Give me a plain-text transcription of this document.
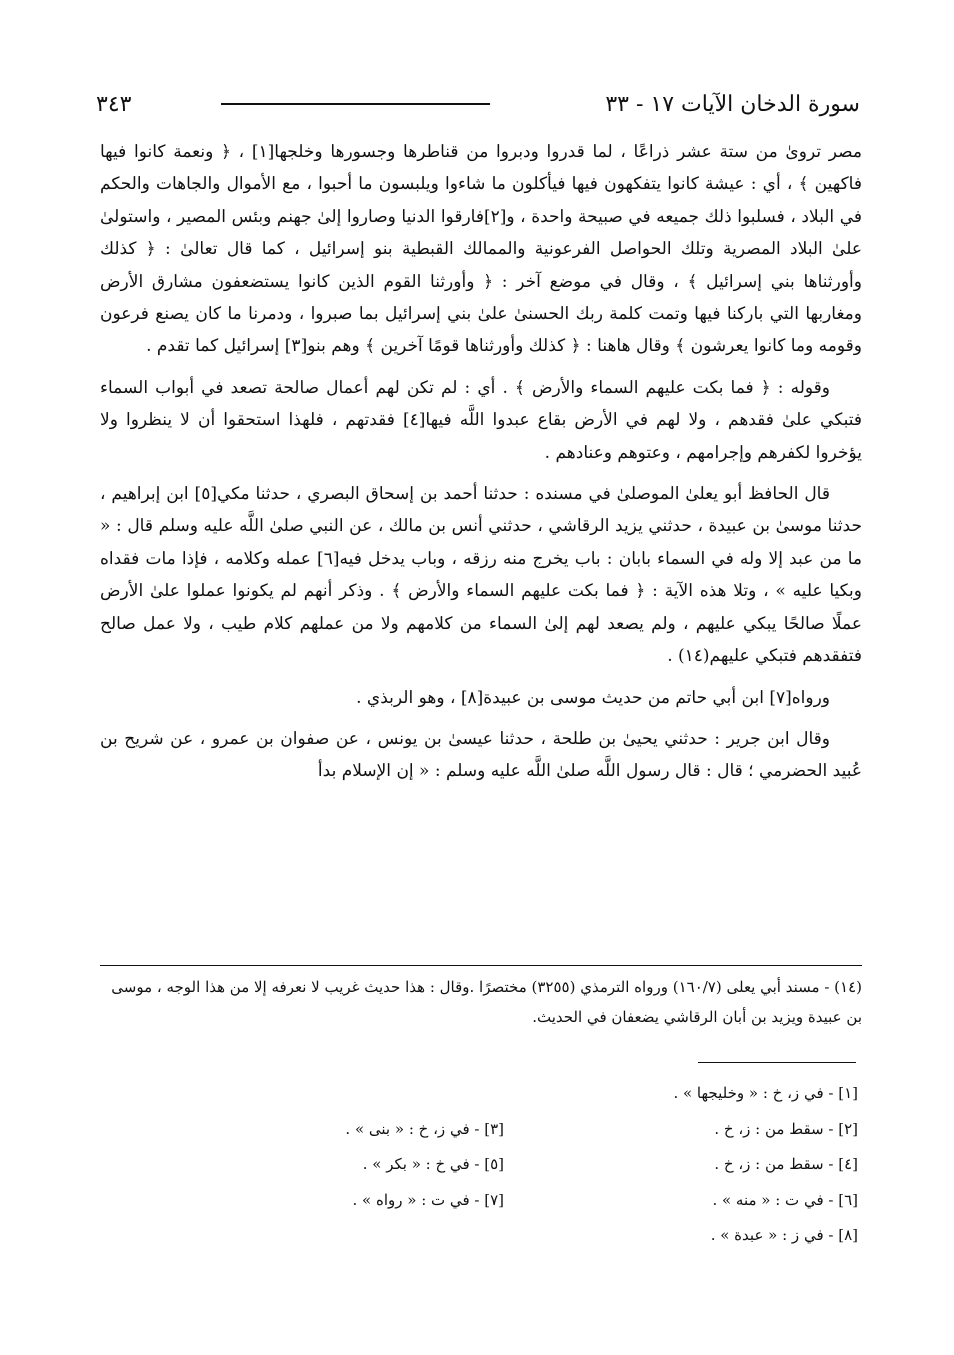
سورة الدخان الآيات ١٧ - ٣٣
٣٤٣

مصر تروىٰ من ستة عشر ذراعًا ، لما قدروا ودبروا من قناطرها وجسورها وخلجها[١] ، ﴿ ونعمة كانوا فيها فاكهين ﴾ ، أي : عيشة كانوا يتفكهون فيها فيأكلون ما شاءوا ويلبسون ما أحبوا ، مع الأموال والجاهات والحكم في البلاد ، فسلبوا ذلك جميعه في صبيحة واحدة ، و[٢]فارقوا الدنيا وصاروا إلىٰ جهنم وبئس المصير ، واستولىٰ علىٰ البلاد المصرية وتلك الحواصل الفرعونية والممالك القبطية بنو إسرائيل ، كما قال تعالىٰ : ﴿ كذلك وأورثناها بني إسرائيل ﴾ ، وقال في موضع آخر : ﴿ وأورثنا القوم الذين كانوا يستضعفون مشارق الأرض ومغاربها التي باركنا فيها وتمت كلمة ربك الحسنىٰ علىٰ بني إسرائيل بما صبروا ، ودمرنا ما كان يصنع فرعون وقومه وما كانوا يعرشون ﴾ وقال هاهنا : ﴿ كذلك وأورثناها قومًا آخرين ﴾ وهم بنو[٣] إسرائيل كما تقدم .

وقوله : ﴿ فما بكت عليهم السماء والأرض ﴾ . أي : لم تكن لهم أعمال صالحة تصعد في أبواب السماء فتبكي علىٰ فقدهم ، ولا لهم في الأرض بقاع عبدوا اللَّه فيها[٤] فقدتهم ، فلهذا استحقوا أن لا ينظروا ولا يؤخروا لكفرهم وإجرامهم ، وعتوهم وعنادهم .

قال الحافظ أبو يعلىٰ الموصلىٰ في مسنده : حدثنا أحمد بن إسحاق البصري ، حدثنا مكي[٥] ابن إبراهيم ، حدثنا موسىٰ بن عبيدة ، حدثني يزيد الرقاشي ، حدثني أنس بن مالك ، عن النبي صلىٰ اللَّه عليه وسلم قال : « ما من عبد إلا وله في السماء بابان : باب يخرج منه رزقه ، وباب يدخل فيه[٦] عمله وكلامه ، فإذا مات فقداه وبكيا عليه » ، وتلا هذه الآية : ﴿ فما بكت عليهم السماء والأرض ﴾ . وذكر أنهم لم يكونوا عملوا علىٰ الأرض عملًا صالحًا يبكي عليهم ، ولم يصعد لهم إلىٰ السماء من كلامهم ولا من عملهم كلام طيب ، ولا عمل صالح فتفقدهم فتبكي عليهم(١٤) .

ورواه[٧] ابن أبي حاتم من حديث موسى بن عبيدة[٨] ، وهو الربذي .

وقال ابن جرير : حدثني يحيىٰ بن طلحة ، حدثنا عيسىٰ بن يونس ، عن صفوان بن عمرو ، عن شريح بن عُبيد الحضرمي ؛ قال : قال رسول اللَّه صلىٰ اللَّه عليه وسلم : « إن الإسلام بدأ

(١٤) - مسند أبي يعلى (١٦٠/٧) ورواه الترمذي (٣٢٥٥) مختصرًا .وقال : هذا حديث غريب لا نعرفه إلا من هذا الوجه ، موسى بن عبيدة ويزيد بن أبان الرقاشي يضعفان في الحديث.
[١] - في ز، خ : « وخليجها » .
[٢] - سقط من : ز، خ .
[٣] - في ز، خ : « بنى » .
[٤] - سقط من : ز، خ .
[٥] - في خ : « بكر » .
[٦] - في ت : « منه » .
[٧] - في ت : « رواه » .
[٨] - في ز : « عبدة » .
